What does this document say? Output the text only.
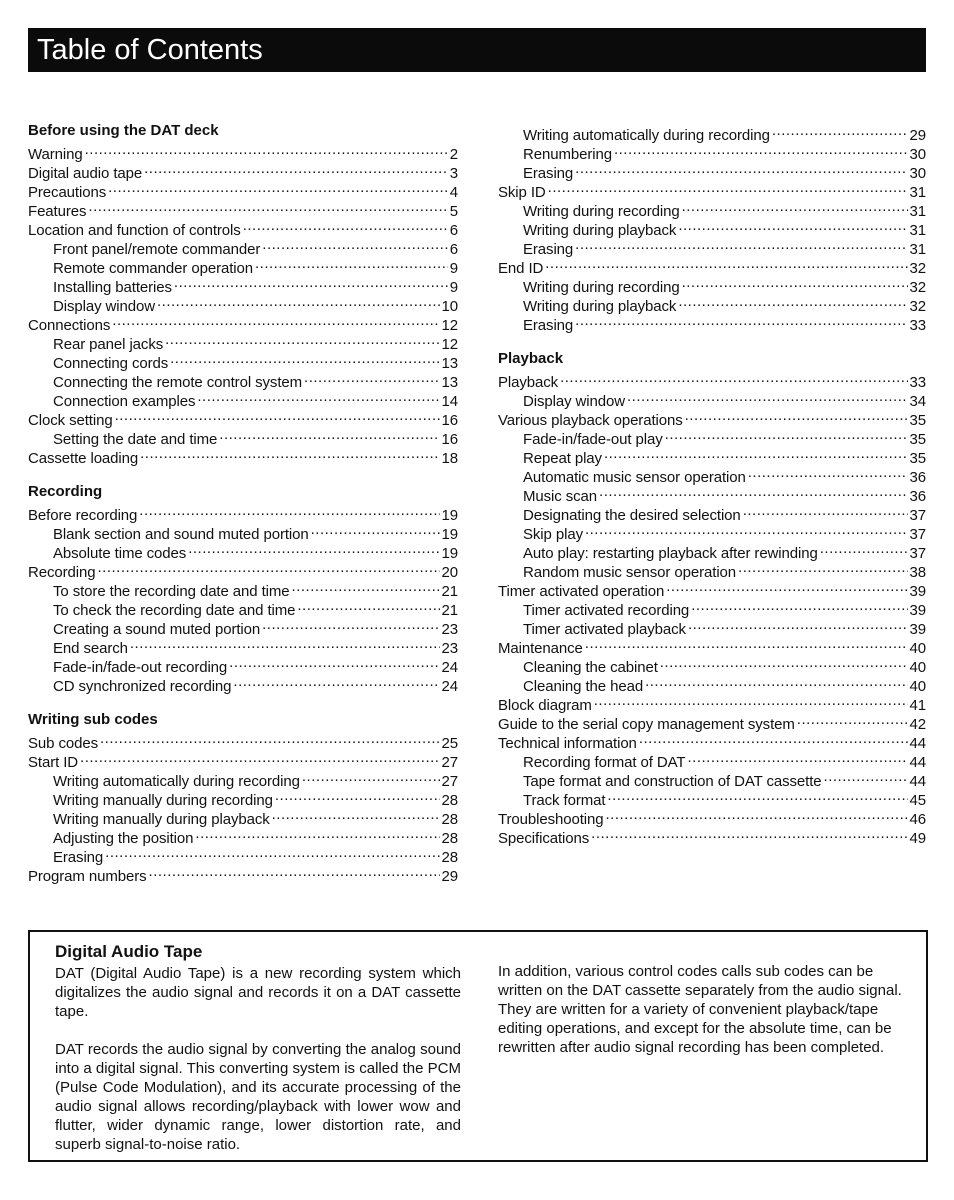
Table of Contents
Before using the DAT deck
Warning .....	2
Digital audio tape .....	3
Precautions .....	4
Features .....	5
Location and function of controls .....	6
Front panel/remote commander .....	6
Remote commander operation .....	9
Installing batteries .....	9
Display window .....	10
Connections .....	12
Rear panel jacks .....	12
Connecting cords .....	13
Connecting the remote control system .....	13
Connection examples .....	14
Clock setting .....	16
Setting the date and time .....	16
Cassette loading .....	18
Recording
Before recording .....	19
Blank section and sound muted portion .....	19
Absolute time codes .....	19
Recording .....	20
To store the recording date and time .....	21
To check the recording date and time .....	21
Creating a sound muted portion .....	23
End search .....	23
Fade-in/fade-out recording .....	24
CD synchronized recording .....	24
Writing sub codes
Sub codes .....	25
Start ID .....	27
Writing automatically during recording .....	27
Writing manually during recording .....	28
Writing manually during playback .....	28
Adjusting the position .....	28
Erasing .....	28
Program numbers .....	29
Writing automatically during recording .....	29
Renumbering .....	30
Erasing .....	30
Skip ID .....	31
Writing during recording .....	31
Writing during playback .....	31
Erasing .....	31
End ID .....	32
Writing during recording .....	32
Writing during playback .....	32
Erasing .....	33
Playback
Playback .....	33
Display window .....	34
Various playback operations .....	35
Fade-in/fade-out play .....	35
Repeat play .....	35
Automatic music sensor operation .....	36
Music scan .....	36
Designating the desired selection .....	37
Skip play .....	37
Auto play: restarting playback after rewinding .....	37
Random music sensor operation .....	38
Timer activated operation .....	39
Timer activated recording .....	39
Timer activated playback .....	39
Maintenance .....	40
Cleaning the cabinet .....	40
Cleaning the head .....	40
Block diagram .....	41
Guide to the serial copy management system .....	42
Technical information .....	44
Recording format of DAT .....	44
Tape format and construction of DAT cassette .....	44
Track format .....	45
Troubleshooting .....	46
Specifications .....	49
Digital Audio Tape

DAT (Digital Audio Tape) is a new recording system which digitalizes the audio signal and records it on a DAT cassette tape.

DAT records the audio signal by converting the analog sound into a digital signal. This converting system is called the PCM (Pulse Code Modulation), and its accurate processing of the audio signal allows recording/playback with lower wow and flutter, wider dynamic range, lower distortion rate, and superb signal-to-noise ratio.

In addition, various control codes calls sub codes can be written on the DAT cassette separately from the audio signal. They are written for a variety of convenient playback/tape editing operations, and except for the absolute time, can be rewritten after audio signal recording has been completed.
